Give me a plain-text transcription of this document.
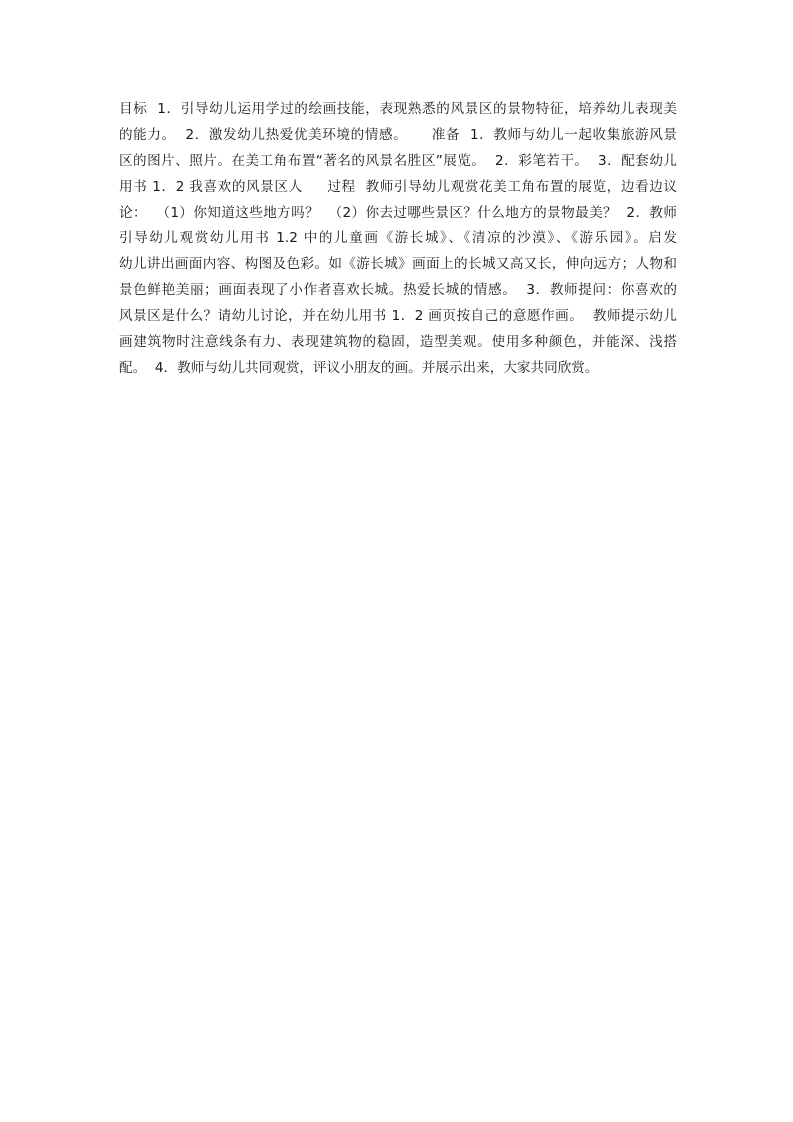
目标  1．引导幼儿运用学过的绘画技能，表现熟悉的风景区的景物特征，培养幼儿表现美
的能力。  2．激发幼儿热爱优美环境的情感。     准备  1．教师与幼儿一起收集旅游风景
区的图片、照片。在美工角布置“著名的风景名胜区”展览。  2．彩笔若干。  3．配套幼儿
用书 1．2 我喜欢的风景区人     过程  教师引导幼儿观赏花美工角布置的展览，边看边议
论：  （1）你知道这些地方吗？  （2）你去过哪些景区？什么地方的景物最美？  2．教师
引导幼儿观赏幼儿用书 1.2 中的儿童画《游长城》、《清凉的沙漠》、《游乐园》。启发
幼儿讲出画面内容、构图及色彩。如《游长城》画面上的长城又高又长，伸向远方；人物和
景色鲜艳美丽；画面表现了小作者喜欢长城。热爱长城的情感。  3．教师提问：你喜欢的
风景区是什么？请幼儿讨论，并在幼儿用书 1．2 画页按自己的意愿作画。  教师提示幼儿
画建筑物时注意线条有力、表现建筑物的稳固，造型美观。使用多种颜色，并能深、浅搭
配。  4．教师与幼儿共同观赏，评议小朋友的画。并展示出来，大家共同欣赏。
